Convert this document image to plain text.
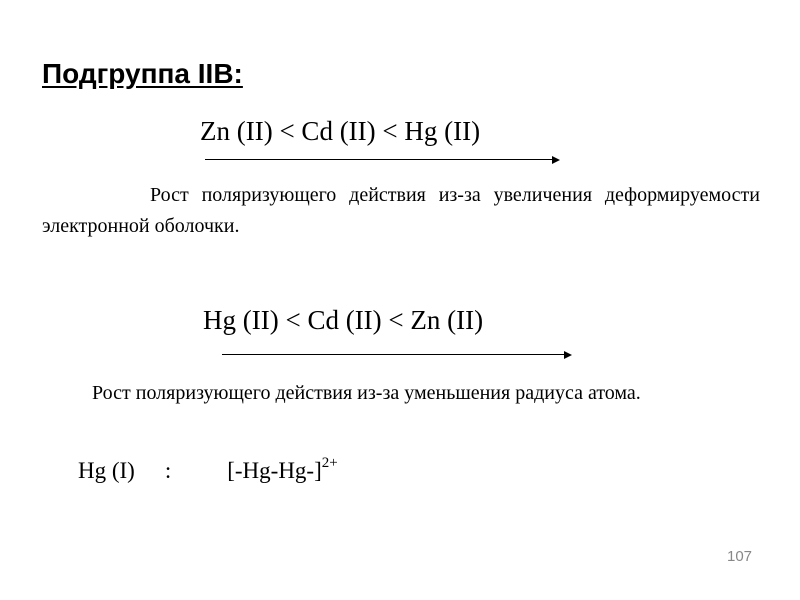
Подгруппа IIB:
Zn (II) < Cd (II) < Hg (II)
Рост поляризующего действия из-за увеличения деформируемости электронной оболочки.
Hg (II) < Cd (II) < Zn (II)
Рост поляризующего действия из-за уменьшения радиуса атома.
Hg (I) : $[-Hg-Hg-]^{2+}$
107
